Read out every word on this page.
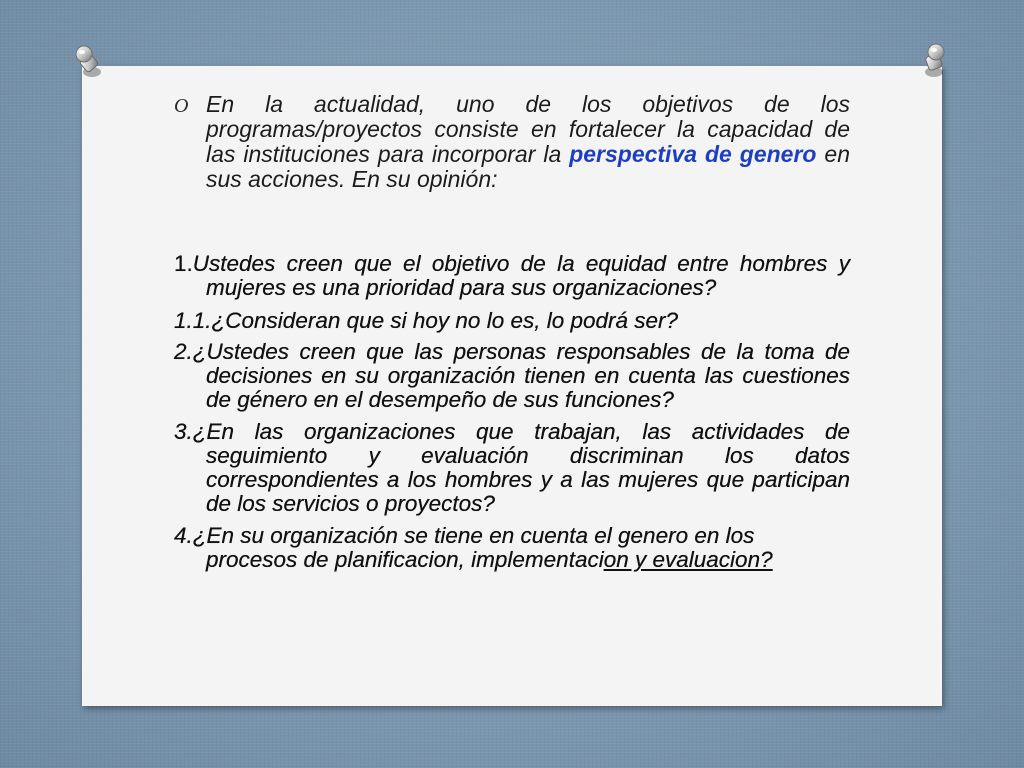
O En la actualidad, uno de los objetivos de los programas/proyectos consiste en fortalecer la capacidad de las instituciones para incorporar la perspectiva de genero en sus acciones. En su opinión:

1.Ustedes creen que el objetivo de la equidad entre hombres y mujeres es una prioridad para sus organizaciones?

1.1.¿Consideran que si hoy no lo es, lo podrá ser?

2.¿Ustedes creen que las personas responsables de la toma de decisiones en su organización tienen en cuenta las cuestiones de género en el desempeño de sus funciones?

3.¿En las organizaciones que trabajan, las actividades de seguimiento y evaluación discriminan los datos correspondientes a los hombres y a las mujeres que participan de los servicios o proyectos?

4.¿En su organización se tiene en cuenta el genero en los procesos de planificacion, implementacion y evaluacion?
